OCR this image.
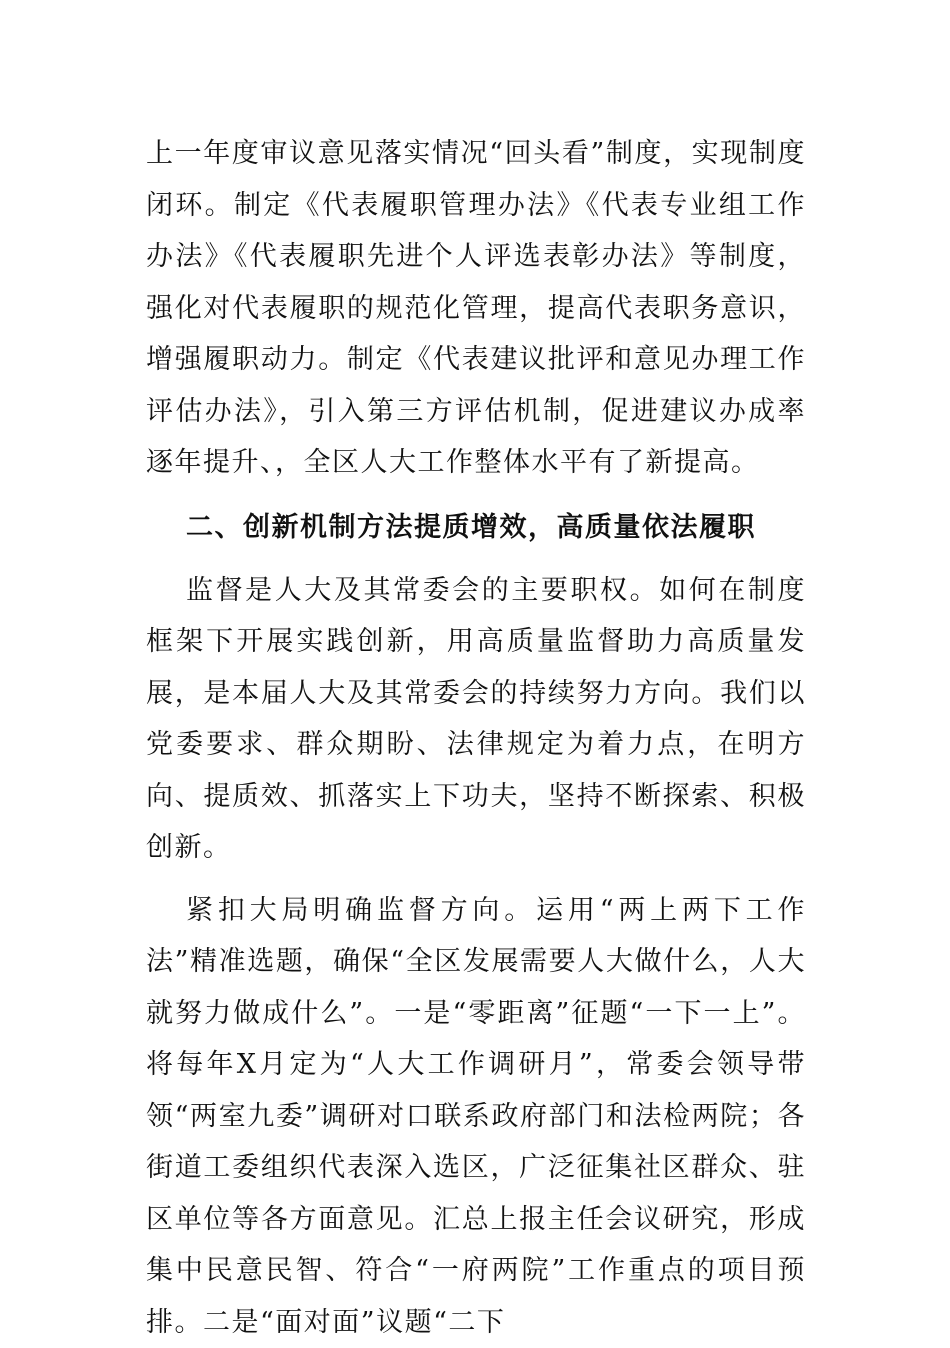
上一年度审议意见落实情况“回头看”制度，实现制度闭环。制定《代表履职管理办法》《代表专业组工作办法》《代表履职先进个人评选表彰办法》等制度，强化对代表履职的规范化管理，提高代表职务意识，增强履职动力。制定《代表建议批评和意见办理工作评估办法》，引入第三方评估机制，促进建议办成率逐年提升、，全区人大工作整体水平有了新提高。

二、创新机制方法提质增效，高质量依法履职

监督是人大及其常委会的主要职权。如何在制度框架下开展实践创新，用高质量监督助力高质量发展，是本届人大及其常委会的持续努力方向。我们以党委要求、群众期盼、法律规定为着力点，在明方向、提质效、抓落实上下功夫，坚持不断探索、积极创新。

紧扣大局明确监督方向。运用“两上两下工作法”精准选题，确保“全区发展需要人大做什么，人大就努力做成什么”。一是“零距离”征题“一下一上”。将每年X月定为“人大工作调研月”，常委会领导带领“两室九委”调研对口联系政府部门和法检两院；各街道工委组织代表深入选区，广泛征集社区群众、驻区单位等各方面意见。汇总上报主任会议研究，形成集中民意民智、符合“一府两院”工作重点的项目预排。二是“面对面”议题“二下
